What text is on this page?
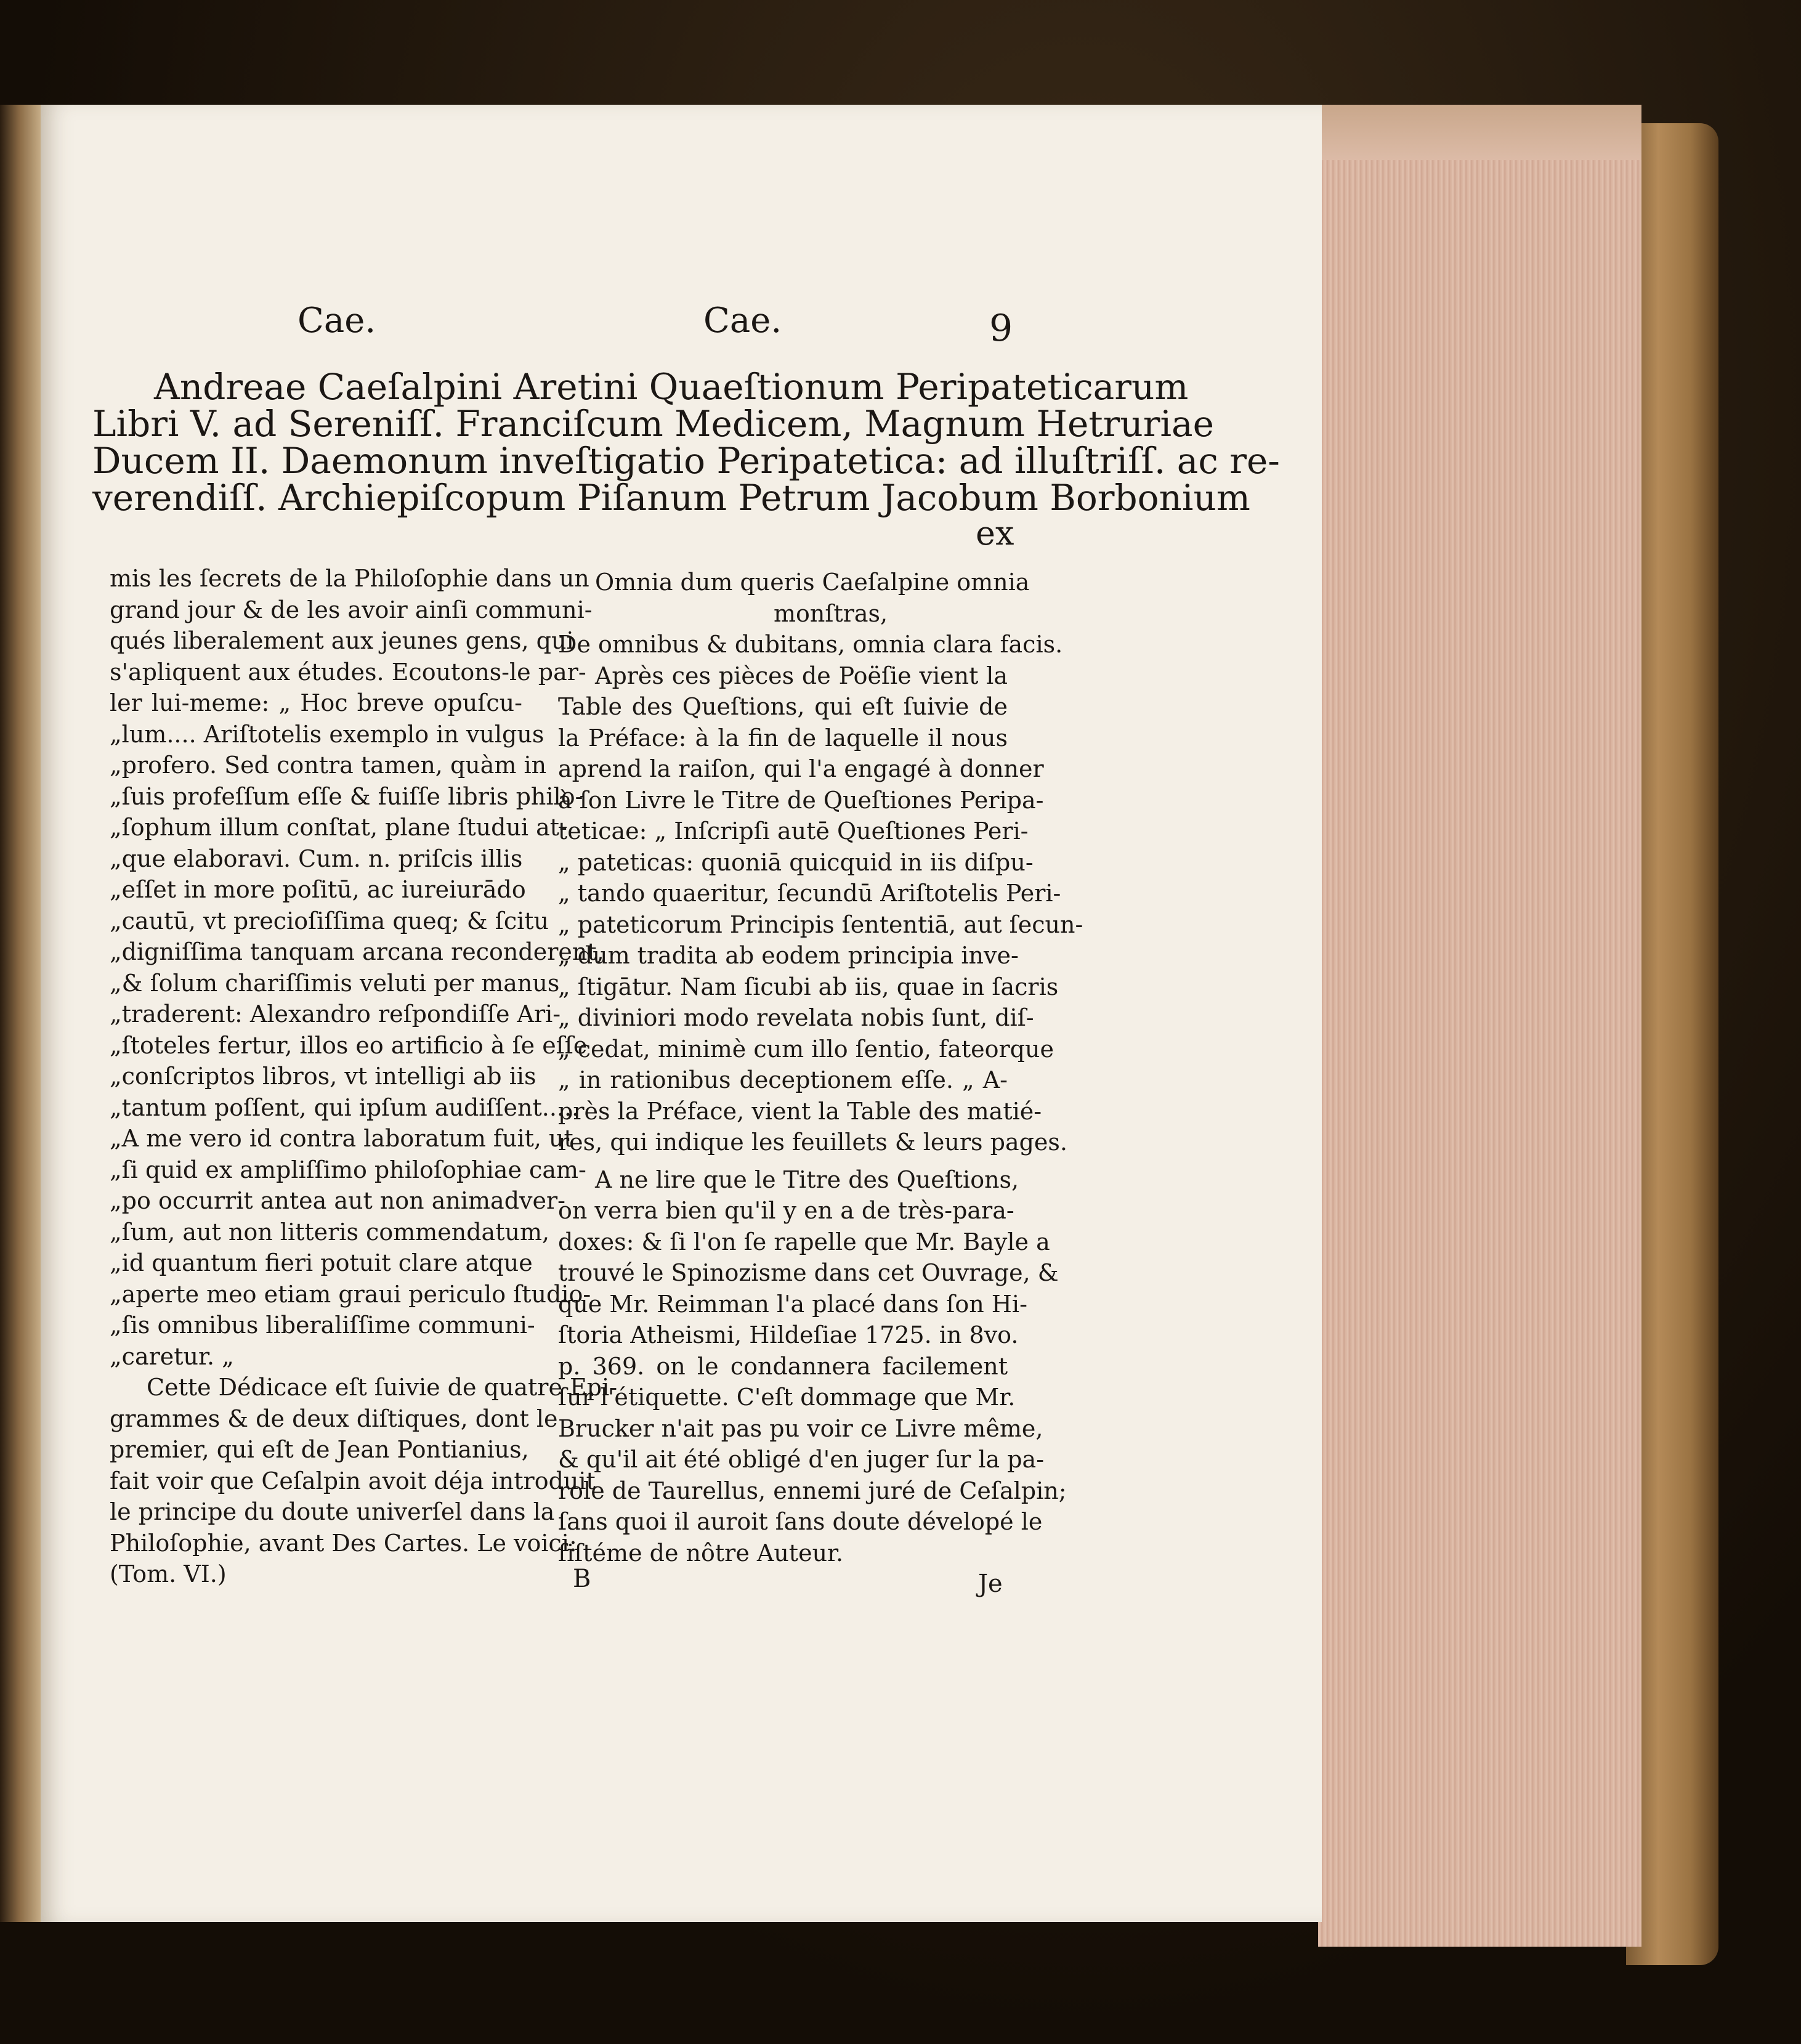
Cae.	Cae.	9
Andreae Caeſalpini Aretini Quaeſtionum Peripateticarum
Libri V. ad Sereniſſ. Franciſcum Medicem, Magnum Hetruriae
Ducem II. Daemonum inveſtigatio Peripatetica: ad illuſtriſſ. ac re-
verendiſſ. Archiepiſcopum Piſanum Petrum Jacobum Borbonium
ex
mis les ſecrets de la Philoſophie dans un
grand jour & de les avoir ainſi communi-
qués liberalement aux jeunes gens, qui
s'apliquent aux études. Ecoutons-le par-
ler lui-meme: „ Hoc breve opuſcu-
„lum.... Ariſtotelis exemplo in vulgus
„profero. Sed contra tamen, quàm in
„ſuis profeſſum eſſe & fuiſſe libris philo-
„ſophum illum conſtat, plane ſtudui at-
„que elaboravi. Cum. n. priſcis illis
„eſſet in more poſitū, ac iureiurādo
„cautū, vt precioſiſſima queq; & ſcitu
„digniſſima tanquam arcana reconderent,
„& ſolum chariſſimis veluti per manus
„traderent: Alexandro reſpondiſſe Ari-
„ſtoteles fertur, illos eo artificio à ſe eſſe
„conſcriptos libros, vt intelligi ab iis
„tantum poſſent, qui ipſum audiſſent.....
„A me vero id contra laboratum fuit, ut
„ſi quid ex ampliſſimo philoſophiae cam-
„po occurrit antea aut non animadver-
„ſum, aut non litteris commendatum,
„id quantum fieri potuit clare atque
„aperte meo etiam graui periculo ſtudio-
„ſis omnibus liberaliſſime communi-
„caretur. „
Cette Dédicace eſt ſuivie de quatre Epi-
grammes & de deux diſtiques, dont le
premier, qui eſt de Jean Pontianius,
fait voir que Ceſalpin avoit déja introduit
le principe du doute univerſel dans la
Philoſophie, avant Des Cartes. Le voici:
(Tom. VI.)
Omnia dum queris Caeſalpine omnia
monſtras,
De omnibus & dubitans, omnia clara facis.
Après ces pièces de Poëſie vient la
Table des Queſtions, qui eſt ſuivie de
la Préface: à la fin de laquelle il nous
aprend la raiſon, qui l'a engagé à donner
à ſon Livre le Titre de Queſtiones Peripa-
teticae: „ Inſcripſi autē Queſtiones Peri-
„ pateticas: quoniā quicquid in iis diſpu-
„ tando quaeritur, ſecundū Ariſtotelis Peri-
„ pateticorum Principis ſententiā, aut ſecun-
„ dum tradita ab eodem principia inve-
„ ſtigātur. Nam ſicubi ab iis, quae in ſacris
„ diviniori modo revelata nobis ſunt, diſ-
„ cedat, minimè cum illo ſentio, fateorque
„ in rationibus deceptionem eſſe. „ A-
près la Préface, vient la Table des matié-
res, qui indique les feuillets & leurs pages.
A ne lire que le Titre des Queſtions,
on verra bien qu'il y en a de très-para-
doxes: & ſi l'on ſe rapelle que Mr. Bayle a
trouvé le Spinozisme dans cet Ouvrage, &
que Mr. Reimman l'a placé dans ſon Hi-
ſtoria Atheismi, Hildeſiae 1725. in 8vo.
p. 369. on le condannera facilement
ſur l'étiquette. C'eſt dommage que Mr.
Brucker n'ait pas pu voir ce Livre même,
& qu'il ait été obligé d'en juger ſur la pa-
role de Taurellus, ennemi juré de Ceſalpin;
ſans quoi il auroit ſans doute dévelopé le
ſiſtéme de nôtre Auteur.
B	Je
